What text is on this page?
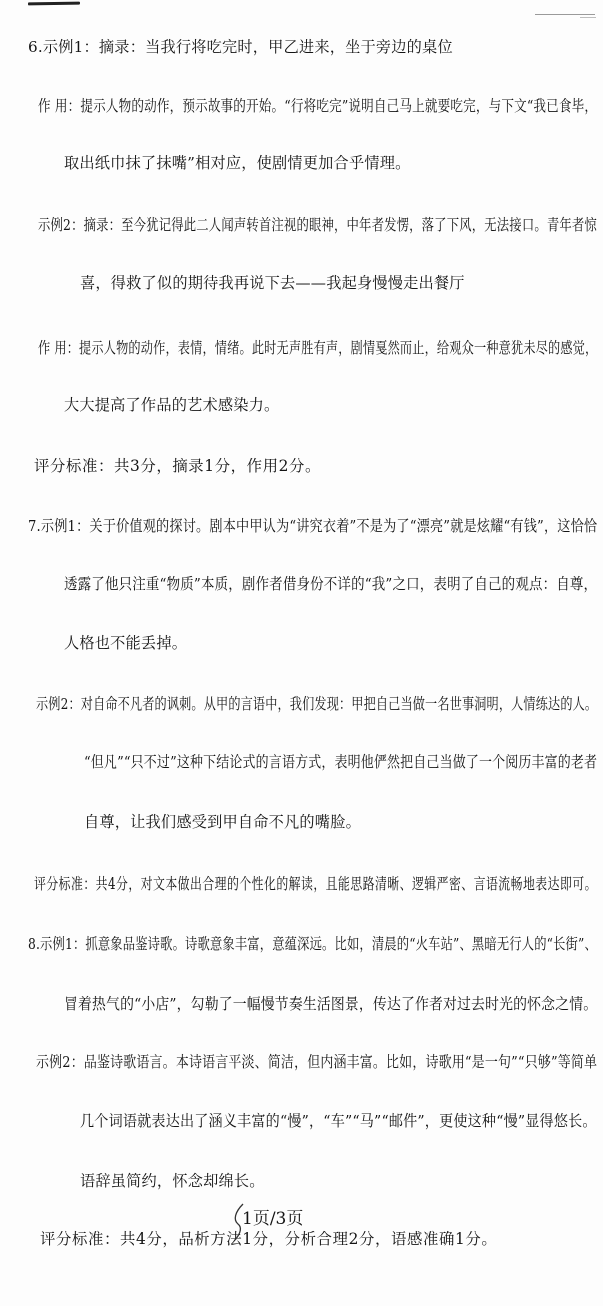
6.示例1：摘录：当我行将吃完时，甲乙进来，坐于旁边的桌位
作 用：提示人物的动作，预示故事的开始。“行将吃完”说明自己马上就要吃完，与下文“我已食毕，
取出纸巾抹了抹嘴”相对应，使剧情更加合乎情理。
示例2：摘录：至今犹记得此二人闻声转首注视的眼神，中年者发愣，落了下风，无法接口。青年者惊
喜，得救了似的期待我再说下去——我起身慢慢走出餐厅
作 用：提示人物的动作，表情，情绪。此时无声胜有声，剧情戛然而止，给观众一种意犹未尽的感觉，
大大提高了作品的艺术感染力。
评分标准：共3分，摘录1分，作用2分。
7.示例1：关于价值观的探讨。剧本中甲认为“讲究衣着”不是为了“漂亮”就是炫耀“有钱”，这恰恰
透露了他只注重“物质”本质，剧作者借身份不详的“我”之口，表明了自己的观点：自尊，
人格也不能丢掉。
示例2：对自命不凡者的讽刺。从甲的言语中，我们发现：甲把自己当做一名世事洞明，人情练达的人。
“但凡”“只不过”这种下结论式的言语方式，表明他俨然把自己当做了一个阅历丰富的老者
自尊，让我们感受到甲自命不凡的嘴脸。
评分标准：共4分，对文本做出合理的个性化的解读，且能思路清晰、逻辑严密、言语流畅地表达即可。
8.示例1：抓意象品鉴诗歌。诗歌意象丰富，意蕴深远。比如，清晨的“火车站”、黑暗无行人的“长街”、
冒着热气的“小店”，勾勒了一幅慢节奏生活图景，传达了作者对过去时光的怀念之情。
示例2：品鉴诗歌语言。本诗语言平淡、简洁，但内涵丰富。比如，诗歌用“是一句”“只够”等简单
几个词语就表达出了涵义丰富的“慢”，“车”“马”“邮件”，更使这种“慢”显得悠长。
语辞虽简约，怀念却绵长。
评分标准：共4分，品析方法1分，分析合理2分，语感准确1分。
1页/3页
